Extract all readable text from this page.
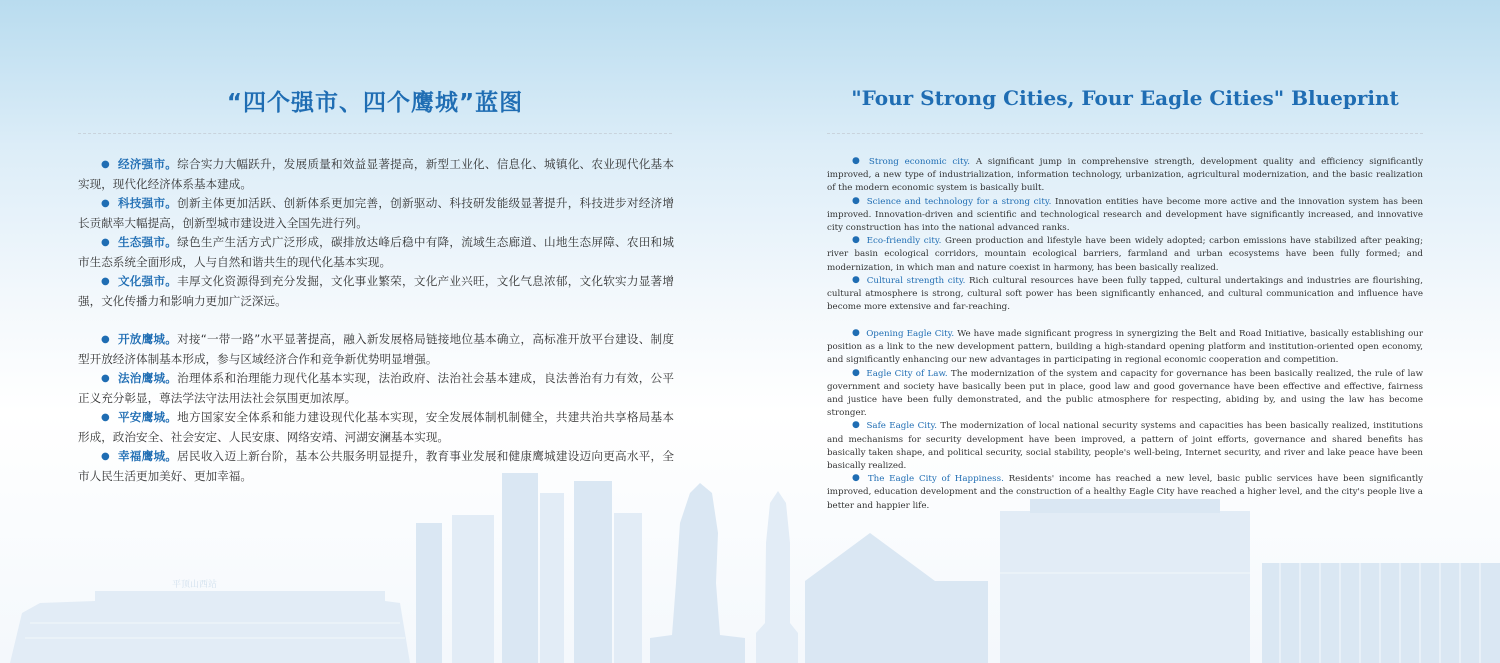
平顶山西站
“四个强市、四个鹰城”蓝图

● 经济强市。综合实力大幅跃升，发展质量和效益显著提高，新型工业化、信息化、城镇化、农业现代化基本实现，现代化经济体系基本建成。

● 科技强市。创新主体更加活跃、创新体系更加完善，创新驱动、科技研发能级显著提升，科技进步对经济增长贡献率大幅提高，创新型城市建设进入全国先进行列。

● 生态强市。绿色生产生活方式广泛形成，碳排放达峰后稳中有降，流域生态廊道、山地生态屏障、农田和城市生态系统全面形成，人与自然和谐共生的现代化基本实现。

● 文化强市。丰厚文化资源得到充分发掘，文化事业繁荣，文化产业兴旺，文化气息浓郁，文化软实力显著增强，文化传播力和影响力更加广泛深远。

● 开放鹰城。对接“一带一路”水平显著提高，融入新发展格局链接地位基本确立，高标准开放平台建设、制度型开放经济体制基本形成，参与区域经济合作和竞争新优势明显增强。

● 法治鹰城。治理体系和治理能力现代化基本实现，法治政府、法治社会基本建成，良法善治有力有效，公平正义充分彰显，尊法学法守法用法社会氛围更加浓厚。

● 平安鹰城。地方国家安全体系和能力建设现代化基本实现，安全发展体制机制健全，共建共治共享格局基本形成，政治安全、社会安定、人民安康、网络安靖、河湖安澜基本实现。

● 幸福鹰城。居民收入迈上新台阶，基本公共服务明显提升，教育事业发展和健康鹰城建设迈向更高水平，全市人民生活更加美好、更加幸福。

"Four Strong Cities, Four Eagle Cities" Blueprint

● Strong economic city. A significant jump in comprehensive strength, development quality and efficiency significantly improved, a new type of industrialization, information technology, urbanization, agricultural modernization, and the basic realization of the modern economic system is basically built.

● Science and technology for a strong city. Innovation entities have become more active and the innovation system has been improved. Innovation-driven and scientific and technological research and development have significantly increased, and innovative city construction has into the national advanced ranks.

● Eco-friendly city. Green production and lifestyle have been widely adopted; carbon emissions have stabilized after peaking; river basin ecological corridors, mountain ecological barriers, farmland and urban ecosystems have been fully formed; and modernization, in which man and nature coexist in harmony, has been basically realized.

● Cultural strength city. Rich cultural resources have been fully tapped, cultural undertakings and industries are flourishing, cultural atmosphere is strong, cultural soft power has been significantly enhanced, and cultural communication and influence have become more extensive and far-reaching.

● Opening Eagle City. We have made significant progress in synergizing the Belt and Road Initiative, basically establishing our position as a link to the new development pattern, building a high-standard opening platform and institution-oriented open economy, and significantly enhancing our new advantages in participating in regional economic cooperation and competition.

● Eagle City of Law. The modernization of the system and capacity for governance has been basically realized, the rule of law government and society have basically been put in place, good law and good governance have been effective and effective, fairness and justice have been fully demonstrated, and the public atmosphere for respecting, abiding by, and using the law has become stronger.

● Safe Eagle City. The modernization of local national security systems and capacities has been basically realized, institutions and mechanisms for security development have been improved, a pattern of joint efforts, governance and shared benefits has basically taken shape, and political security, social stability, people's well-being, Internet security, and river and lake peace have been basically realized.

● The Eagle City of Happiness. Residents' income has reached a new level, basic public services have been significantly improved, education development and the construction of a healthy Eagle City have reached a higher level, and the city's people live a better and happier life.
